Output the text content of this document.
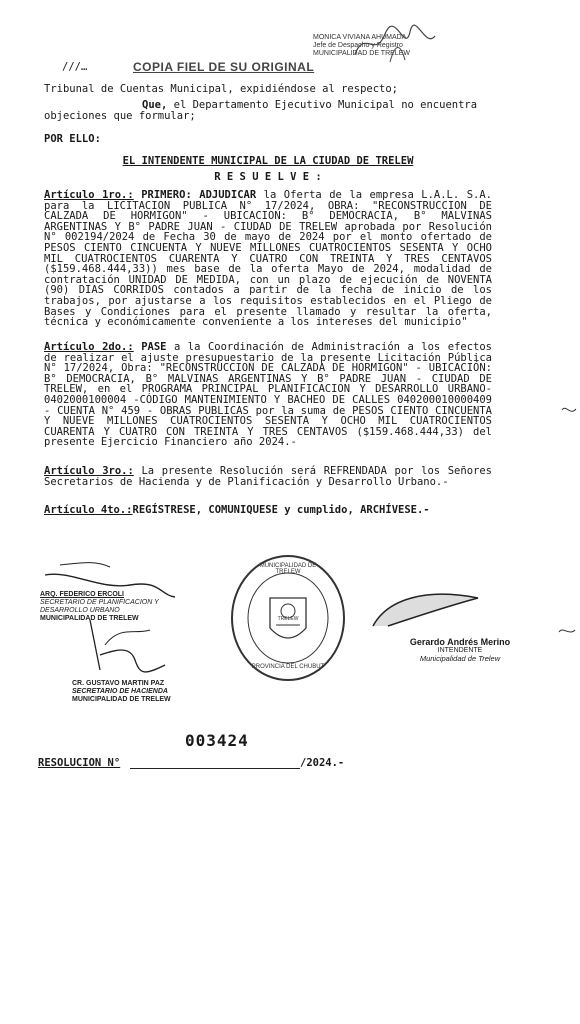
MONICA VIVIANA AHUMADA
Jefe de Despacho y Registro
MUNICIPALIDAD DE TRELEW
///…	COPIA FIEL DE SU ORIGINAL
Tribunal de Cuentas Municipal, expidiéndose al respecto;
Que, el Departamento Ejecutivo Municipal no encuentra objeciones que formular;
POR ELLO:
EL INTENDENTE MUNICIPAL DE LA CIUDAD DE TRELEW
R E S U E L V E :
Artículo 1ro.: PRIMERO: ADJUDICAR la Oferta de la empresa L.A.L. S.A. para la LICITACION PUBLICA N° 17/2024, OBRA: "RECONSTRUCCION DE CALZADA DE HORMIGON" - UBICACION: B° DEMOCRACIA, B° MALVINAS ARGENTINAS Y B° PADRE JUAN - CIUDAD DE TRELEW aprobada por Resolución N° 002194/2024 de Fecha 30 de mayo de 2024 por el monto ofertado de PESOS CIENTO CINCUENTA Y NUEVE MILLONES CUATROCIENTOS SESENTA Y OCHO MIL CUATROCIENTOS CUARENTA Y CUATRO CON TREINTA Y TRES CENTAVOS ($159.468.444,33)) mes base de la oferta Mayo de 2024, modalidad de contratación UNIDAD DE MEDIDA, con un plazo de ejecución de NOVENTA (90) DIAS CORRIDOS contados a partir de la fecha de inicio de los trabajos, por ajustarse a los requisitos establecidos en el Pliego de Bases y Condiciones para el presente llamado y resultar la oferta, técnica y económicamente conveniente a los intereses del municipio"
Artículo 2do.: PASE a la Coordinación de Administración a los efectos de realizar el ajuste presupuestario de la presente Licitación Pública N° 17/2024, Obra: "RECONSTRUCCION DE CALZADA DE HORMIGON" - UBICACIÓN: B° DEMOCRACIA, B° MALVINAS ARGENTINAS Y B° PADRE JUAN - CIUDAD DE TRELEW, en el PROGRAMA PRINCIPAL PLANIFICACION Y DESARROLLO URBANO- 0402000100004 -CÓDIGO MANTENIMIENTO Y BACHEO DE CALLES 040200010000409 - CUENTA N° 459 - OBRAS PUBLICAS por la suma de PESOS CIENTO CINCUENTA Y NUEVE MILLONES CUATROCIENTOS SESENTA Y OCHO MIL CUATROCIENTOS CUARENTA Y CUATRO CON TREINTA Y TRES CENTAVOS ($159.468.444,33) del presente Ejercicio Financiero año 2024.-
Artículo 3ro.: La presente Resolución será REFRENDADA por los Señores Secretarios de Hacienda y de Planificación y Desarrollo Urbano.-
Artículo 4to.:REGÍSTRESE, COMUNIQUESE y cumplido, ARCHÍVESE.-
ARQ. FEDERICO ERCOLI
SECRETARIO DE PLANIFICACION Y DESARROLLO URBANO
MUNICIPALIDAD DE TRELEW
CR. GUSTAVO MARTIN PAZ
SECRETARIO DE HACIENDA
MUNICIPALIDAD DE TRELEW
MUNICIPALIDAD DE TRELEW
TRELEW
PROVINCIA DEL CHUBUT
Gerardo Andrés Merino
INTENDENTE
Municipalidad de Trelew
003424
RESOLUCION N°	/2024.-
